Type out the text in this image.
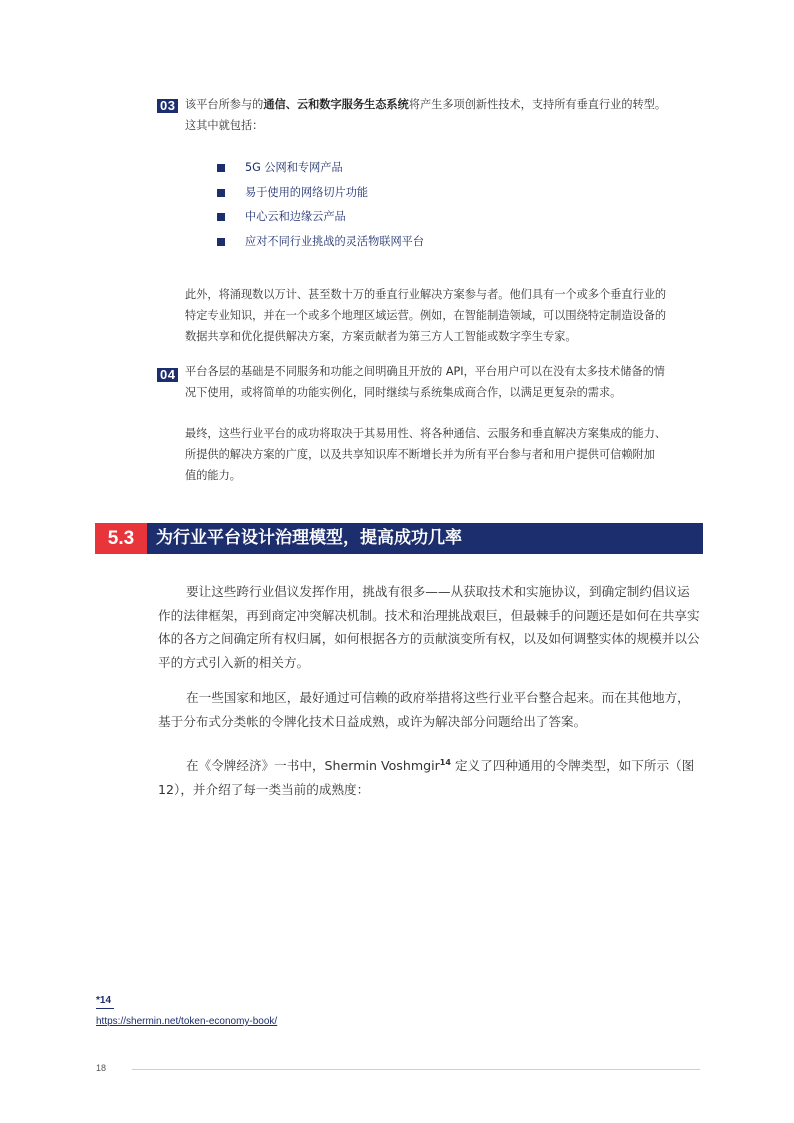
03 该平台所参与的通信、云和数字服务生态系统将产生多项创新性技术，支持所有垂直行业的转型。

这其中就包括：

5G 公网和专网产品
易于使用的网络切片功能
中心云和边缘云产品
应对不同行业挑战的灵活物联网平台

此外，将涌现数以万计、甚至数十万的垂直行业解决方案参与者。他们具有一个或多个垂直行业的

特定专业知识，并在一个或多个地理区域运营。例如，在智能制造领域，可以围绕特定制造设备的

数据共享和优化提供解决方案，方案贡献者为第三方人工智能或数字孪生专家。

04 平台各层的基础是不同服务和功能之间明确且开放的 API，平台用户可以在没有太多技术储备的情

况下使用，或将简单的功能实例化，同时继续与系统集成商合作，以满足更复杂的需求。

最终，这些行业平台的成功将取决于其易用性、将各种通信、云服务和垂直解决方案集成的能力、

所提供的解决方案的广度，以及共享知识库不断增长并为所有平台参与者和用户提供可信赖附加

值的能力。

5.3	为行业平台设计治理模型，提高成功几率

要让这些跨行业倡议发挥作用，挑战有很多——从获取技术和实施协议，到确定制约倡议运作的法律框架，再到商定冲突解决机制。技术和治理挑战艰巨，但最棘手的问题还是如何在共享实体的各方之间确定所有权归属，如何根据各方的贡献演变所有权，以及如何调整实体的规模并以公平的方式引入新的相关方。

在一些国家和地区，最好通过可信赖的政府举措将这些行业平台整合起来。而在其他地方，基于分布式分类帐的令牌化技术日益成熟，或许为解决部分问题给出了答案。

在《令牌经济》一书中，Shermin Voshmgir$^{14}$ 定义了四种通用的令牌类型，如下所示（图 12），并介绍了每一类当前的成熟度：

*14
https://shermin.net/token-economy-book/
18
